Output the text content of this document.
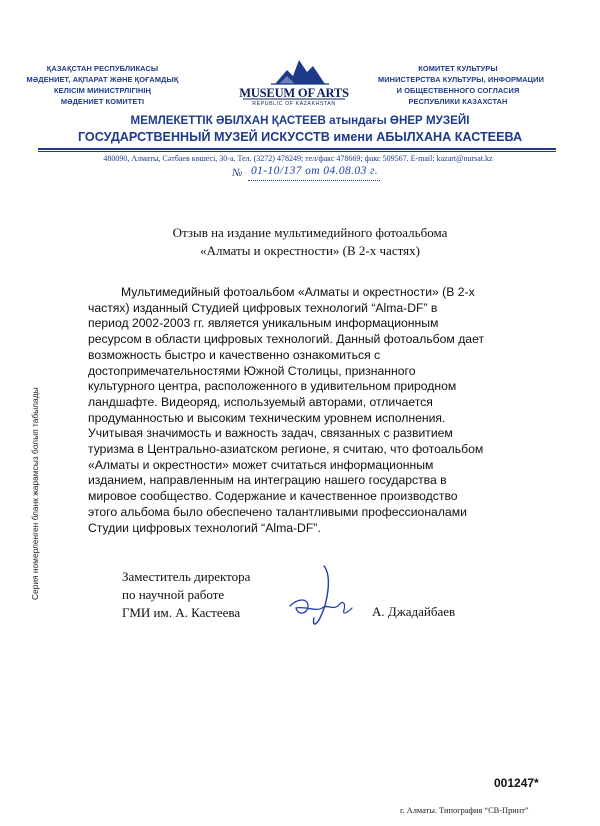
ҚАЗАҚСТАН РЕСПУБЛИКАСЫ
МӘДЕНИЕТ, АҚПАРАТ ЖӘНЕ ҚОҒАМДЫҚ
КЕЛІСІМ МИНИСТРЛІГІНІҢ
МӘДЕНИЕТ КОМИТЕТІ
MUSEUM OF ARTS
REPUBLIC OF KAZAKHSTAN
КОМИТЕТ КУЛЬТУРЫ
МИНИСТЕРСТВА КУЛЬТУРЫ, ИНФОРМАЦИИ
И ОБЩЕСТВЕННОГО СОГЛАСИЯ
РЕСПУБЛИКИ КАЗАХСТАН
МЕМЛЕКЕТТІК ӘБІЛХАН ҚАСТЕЕВ атындағы ӨНЕР МУЗЕЙІ
ГОСУДАРСТВЕННЫЙ МУЗЕЙ ИСКУССТВ имени АБЫЛХАНА КАСТЕЕВА
480090, Алматы, Сәтбаев көшесі, 30-а. Тел. (3272) 478249; тел/факс 478669; факс 509567. E-mail: kazart@nursat.kz
№ 01-10/137 от 04.08.03 г.
Отзыв на издание мультимедийного фотоальбома
«Алматы и окрестности» (В 2-х частях)
Мультимедийный фотоальбом «Алматы и окрестности» (В 2-х
частях) изданный Студией цифровых технологий “Alma-DF” в
период 2002-2003 гг. является уникальным информационным
ресурсом в области цифровых технологий. Данный фотоальбом дает
возможность быстро и качественно ознакомиться с
достопримечательностями Южной Столицы, признанного
культурного центра, расположенного в удивительном природном
ландшафте. Видеоряд, используемый авторами, отличается
продуманностью и высоким техническим уровнем исполнения.
Учитывая значимость и важность задач, связанных с развитием
туризма в Центрально-азиатском регионе, я считаю, что фотоальбом
«Алматы и окрестности» может считаться информационным
изданием, направленным на интеграцию нашего государства в
мировое сообщество. Содержание и качественное производство
этого альбома было обеспечено талантливыми профессионалами
Студии цифровых технологий “Alma-DF”.
Заместитель директора
по научной работе
ГМИ им. А. Кастеева	А. Джадайбаев
Серия номерленген бланк жарамсыз болып табылады
001247*
г. Алматы. Типография “СВ-Принт”
